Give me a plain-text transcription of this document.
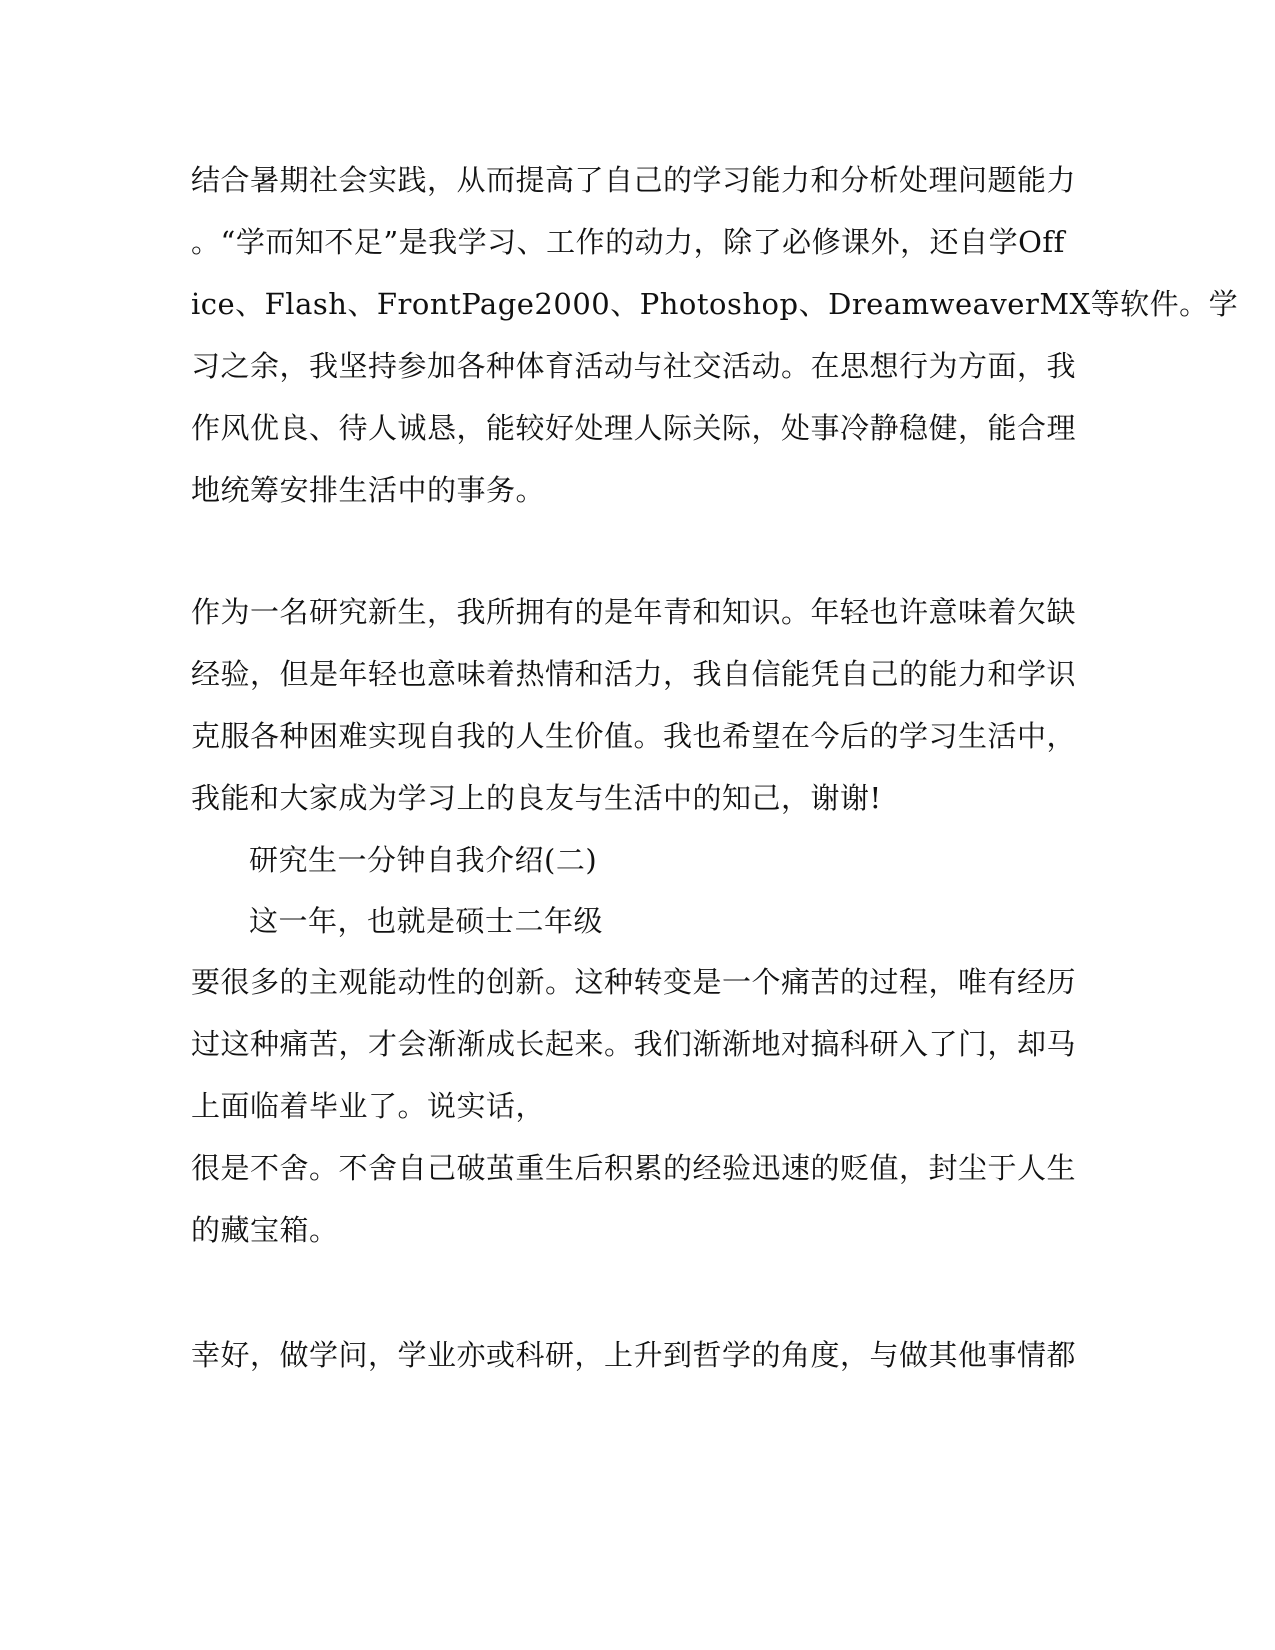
结合暑期社会实践，从而提高了自己的学习能力和分析处理问题能力

。“学而知不足”是我学习、工作的动力，除了必修课外，还自学Off

ice、Flash、FrontPage2000、Photoshop、DreamweaverMX等软件。学

习之余，我坚持参加各种体育活动与社交活动。在思想行为方面，我

作风优良、待人诚恳，能较好处理人际关际，处事冷静稳健，能合理

地统筹安排生活中的事务。

作为一名研究新生，我所拥有的是年青和知识。年轻也许意味着欠缺

经验，但是年轻也意味着热情和活力，我自信能凭自己的能力和学识

克服各种困难实现自我的人生价值。我也希望在今后的学习生活中，

我能和大家成为学习上的良友与生活中的知己，谢谢!

研究生一分钟自我介绍(二)

这一年，也就是硕士二年级

要很多的主观能动性的创新。这种转变是一个痛苦的过程，唯有经历

过这种痛苦，才会渐渐成长起来。我们渐渐地对搞科研入了门，却马

上面临着毕业了。说实话，

很是不舍。不舍自己破茧重生后积累的经验迅速的贬值，封尘于人生

的藏宝箱。

幸好，做学问，学业亦或科研，上升到哲学的角度，与做其他事情都
